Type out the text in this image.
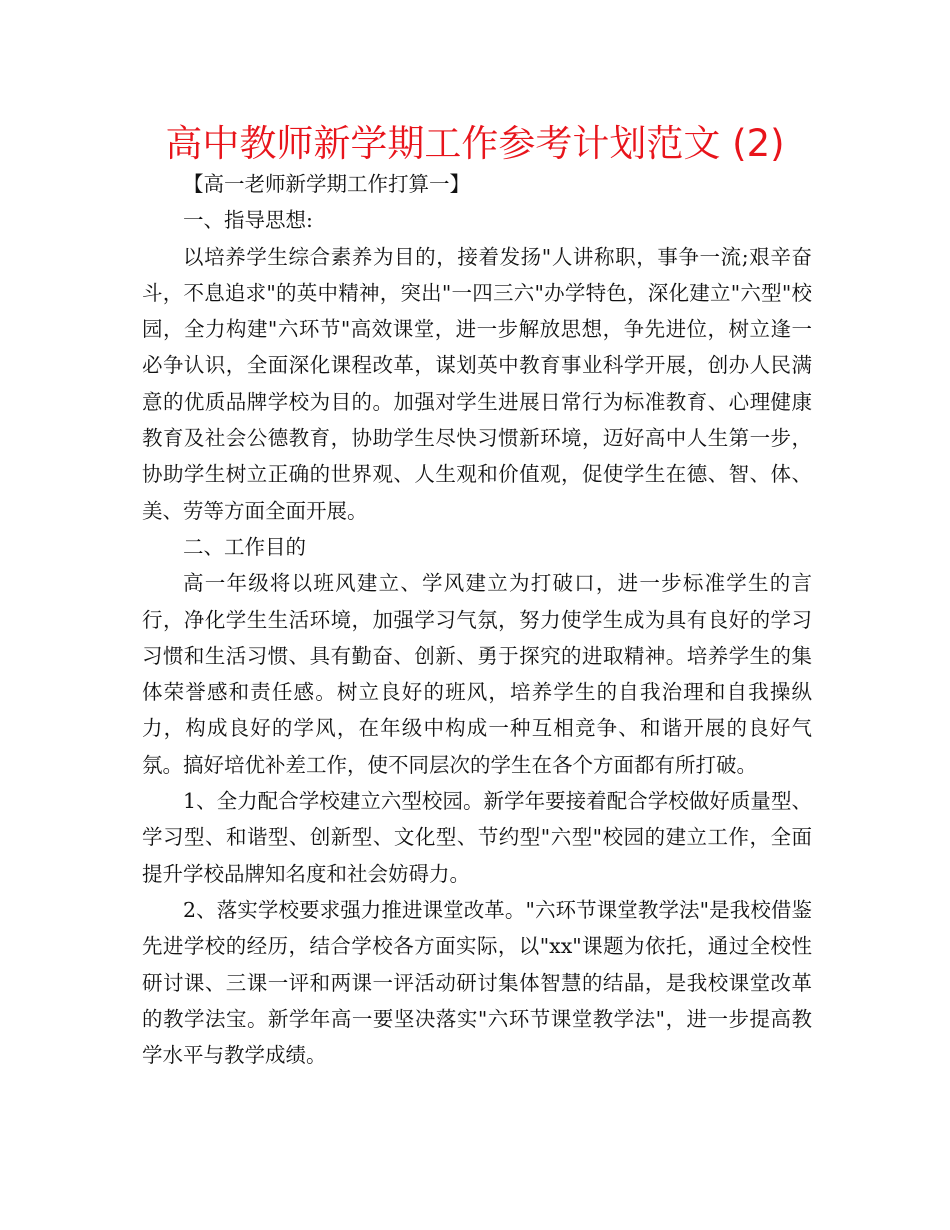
高中教师新学期工作参考计划范文 (2)

【高一老师新学期工作打算一】

一、指导思想:

以培养学生综合素养为目的，接着发扬"人讲称职，事争一流;艰辛奋斗，不息追求"的英中精神，突出"一四三六"办学特色，深化建立"六型"校园，全力构建"六环节"高效课堂，进一步解放思想，争先进位，树立逢一必争认识，全面深化课程改革，谋划英中教育事业科学开展，创办人民满意的优质品牌学校为目的。加强对学生进展日常行为标准教育、心理健康教育及社会公德教育，协助学生尽快习惯新环境，迈好高中人生第一步，协助学生树立正确的世界观、人生观和价值观，促使学生在德、智、体、美、劳等方面全面开展。

二、工作目的

高一年级将以班风建立、学风建立为打破口，进一步标准学生的言行，净化学生生活环境，加强学习气氛，努力使学生成为具有良好的学习习惯和生活习惯、具有勤奋、创新、勇于探究的进取精神。培养学生的集体荣誉感和责任感。树立良好的班风，培养学生的自我治理和自我操纵力，构成良好的学风，在年级中构成一种互相竞争、和谐开展的良好气氛。搞好培优补差工作，使不同层次的学生在各个方面都有所打破。

1、全力配合学校建立六型校园。新学年要接着配合学校做好质量型、学习型、和谐型、创新型、文化型、节约型"六型"校园的建立工作，全面提升学校品牌知名度和社会妨碍力。

2、落实学校要求强力推进课堂改革。"六环节课堂教学法"是我校借鉴先进学校的经历，结合学校各方面实际，以"xx"课题为依托，通过全校性研讨课、三课一评和两课一评活动研讨集体智慧的结晶，是我校课堂改革的教学法宝。新学年高一要坚决落实"六环节课堂教学法"，进一步提高教学水平与教学成绩。
